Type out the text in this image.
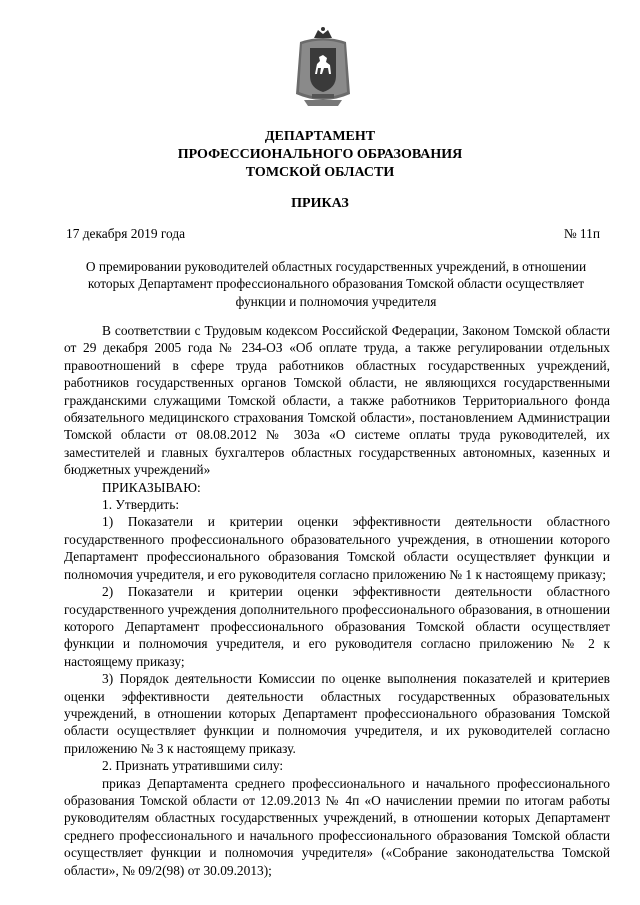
ДЕПАРТАМЕНТ
ПРОФЕССИОНАЛЬНОГО ОБРАЗОВАНИЯ
ТОМСКОЙ ОБЛАСТИ
ПРИКАЗ
17 декабря 2019 года	№ 11п
О премировании руководителей областных государственных учреждений, в отношении
которых Департамент профессионального образования Томской области осуществляет
функции и полномочия учредителя

В соответствии с Трудовым кодексом Российской Федерации, Законом Томской области от 29 декабря 2005 года № 234-ОЗ «Об оплате труда, а также регулировании отдельных правоотношений в сфере труда работников областных государственных учреждений, работников государственных органов Томской области, не являющихся государственными гражданскими служащими Томской области, а также работников Территориального фонда обязательного медицинского страхования Томской области», постановлением Администрации Томской области от 08.08.2012 № 303а «О системе оплаты труда руководителей, их заместителей и главных бухгалтеров областных государственных автономных, казенных и бюджетных учреждений»

ПРИКАЗЫВАЮ:

1. Утвердить:

1) Показатели и критерии оценки эффективности деятельности областного государственного профессионального образовательного учреждения, в отношении которого Департамент профессионального образования Томской области осуществляет функции и полномочия учредителя, и его руководителя согласно приложению № 1 к настоящему приказу;

2) Показатели и критерии оценки эффективности деятельности областного государственного учреждения дополнительного профессионального образования, в отношении которого Департамент профессионального образования Томской области осуществляет функции и полномочия учредителя, и его руководителя согласно приложению № 2 к настоящему приказу;

3) Порядок деятельности Комиссии по оценке выполнения показателей и критериев оценки эффективности деятельности областных государственных образовательных учреждений, в отношении которых Департамент профессионального образования Томской области осуществляет функции и полномочия учредителя, и их руководителей согласно приложению № 3 к настоящему приказу.

2. Признать утратившими силу:

приказ Департамента среднего профессионального и начального профессионального образования Томской области от 12.09.2013 № 4п «О начислении премии по итогам работы руководителям областных государственных учреждений, в отношении которых Департамент среднего профессионального и начального профессионального образования Томской области осуществляет функции и полномочия учредителя» («Собрание законодательства Томской области», № 09/2(98) от 30.09.2013);
